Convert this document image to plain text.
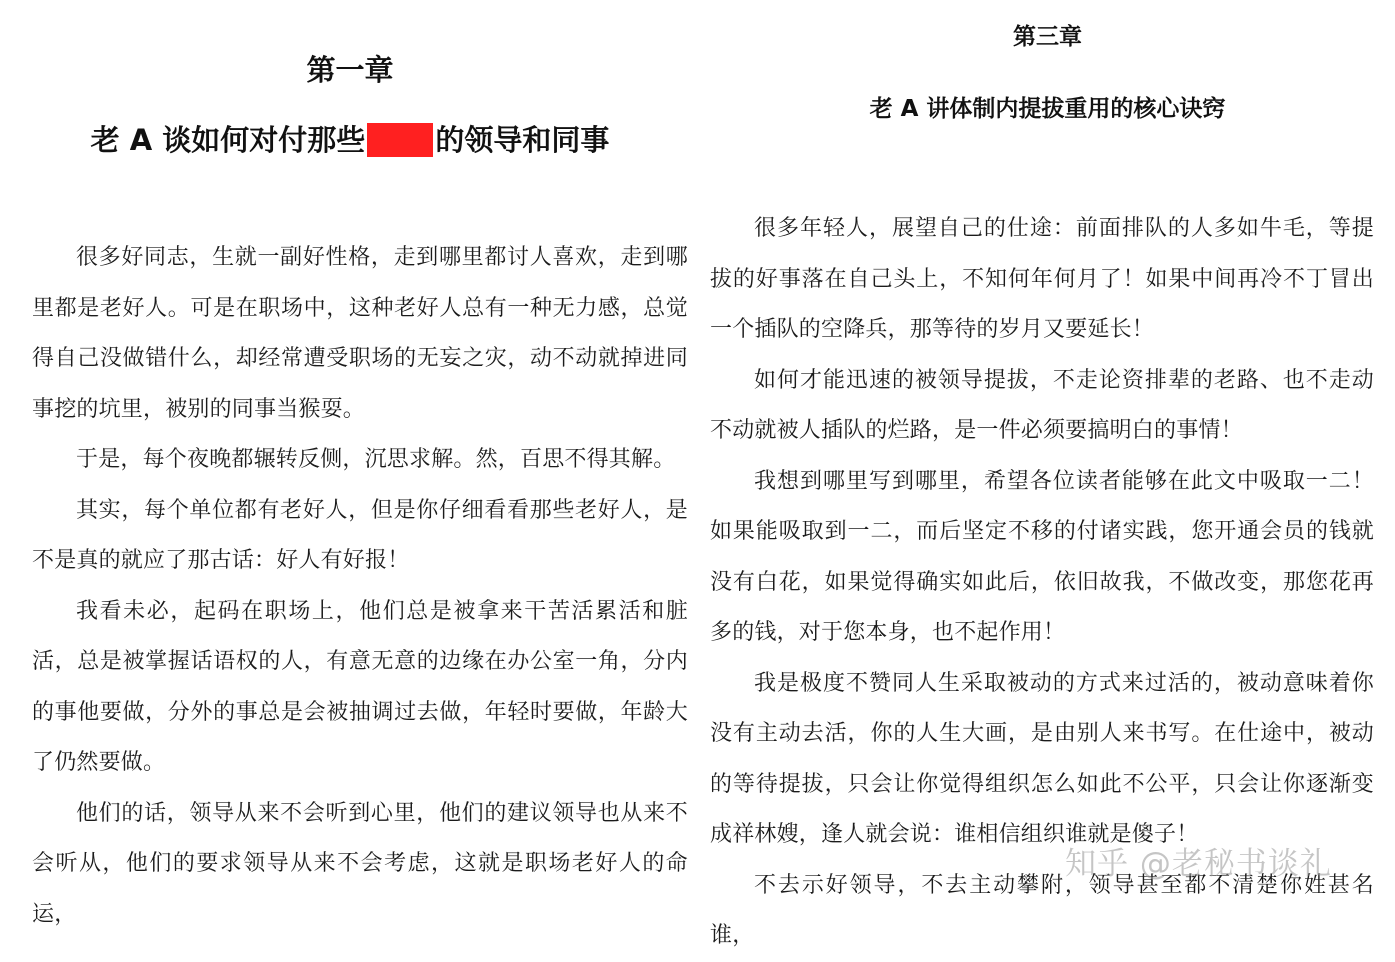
第一章
老 A 谈如何对付那些 的领导和同事

很多好同志，生就一副好性格，走到哪里都讨人喜欢，走到哪里都是老好人。可是在职场中，这种老好人总有一种无力感，总觉得自己没做错什么，却经常遭受职场的无妄之灾，动不动就掉进同事挖的坑里，被别的同事当猴耍。

于是，每个夜晚都辗转反侧，沉思求解。然，百思不得其解。

其实，每个单位都有老好人，但是你仔细看看那些老好人，是不是真的就应了那古话：好人有好报！

我看未必，起码在职场上，他们总是被拿来干苦活累活和脏活，总是被掌握话语权的人，有意无意的边缘在办公室一角，分内的事他要做，分外的事总是会被抽调过去做，年轻时要做，年龄大了仍然要做。

他们的话，领导从来不会听到心里，他们的建议领导也从来不会听从，他们的要求领导从来不会考虑，这就是职场老好人的命运，

第三章
老 A 讲体制内提拔重用的核心诀窍

很多年轻人，展望自己的仕途：前面排队的人多如牛毛，等提拔的好事落在自己头上，不知何年何月了！如果中间再冷不丁冒出一个插队的空降兵，那等待的岁月又要延长！

如何才能迅速的被领导提拔，不走论资排辈的老路、也不走动不动就被人插队的烂路，是一件必须要搞明白的事情！

我想到哪里写到哪里，希望各位读者能够在此文中吸取一二！如果能吸取到一二，而后坚定不移的付诸实践，您开通会员的钱就没有白花，如果觉得确实如此后，依旧故我，不做改变，那您花再多的钱，对于您本身，也不起作用！

我是极度不赞同人生采取被动的方式来过活的，被动意味着你没有主动去活，你的人生大画，是由别人来书写。在仕途中，被动的等待提拔，只会让你觉得组织怎么如此不公平，只会让你逐渐变成祥林嫂，逢人就会说：谁相信组织谁就是傻子！

不去示好领导，不去主动攀附，领导甚至都不清楚你姓甚名谁，

知乎 @老秘书谈礼
